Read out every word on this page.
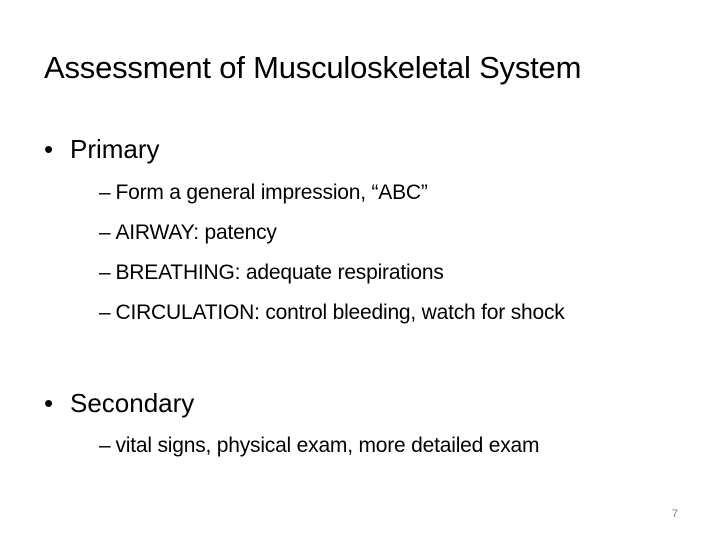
Assessment of Musculoskeletal System
• Primary
– Form a general impression, “ABC”
– AIRWAY: patency
– BREATHING: adequate respirations
– CIRCULATION: control bleeding, watch for shock
• Secondary
– vital signs, physical exam, more detailed exam
7
